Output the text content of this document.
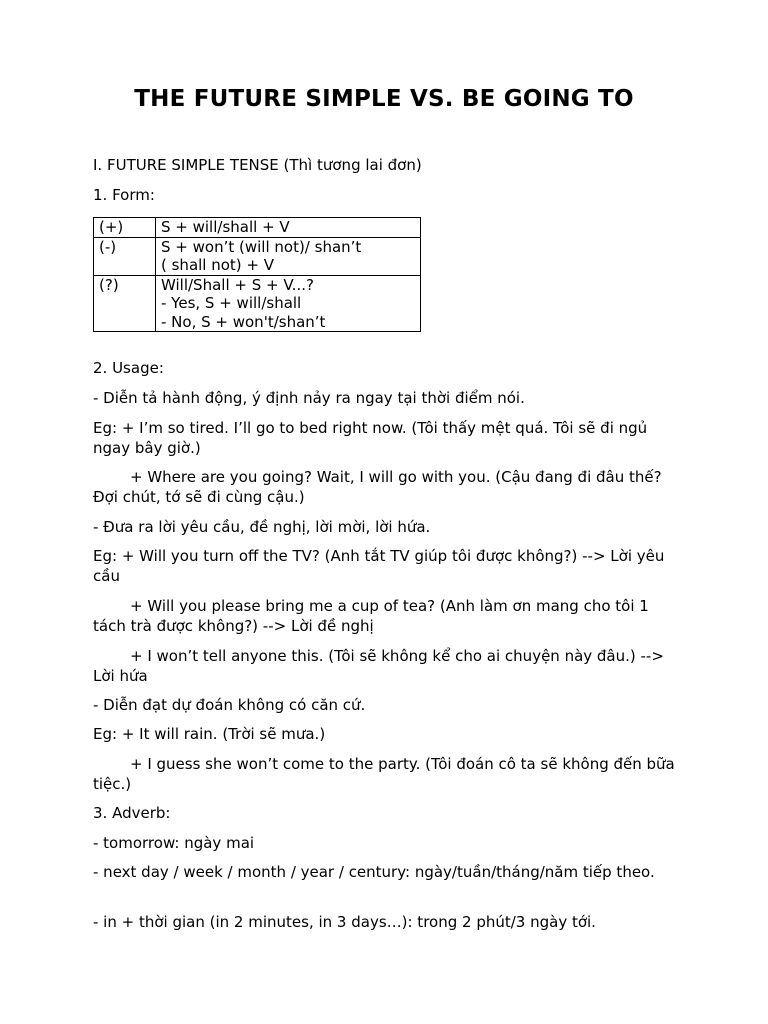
THE FUTURE SIMPLE VS. BE GOING TO

I. FUTURE SIMPLE TENSE (Thì tương lai đơn)

1. Form:

(+)	S + will/shall + V

(-)	S + won’t (will not)/ shan’t
( shall not) + V

(?)	Will/Shall + S + V...?
- Yes, S + will/shall
- No, S + won't/shan’t

2. Usage:

- Diễn tả hành động, ý định nảy ra ngay tại thời điểm nói.

Eg: + I’m so tired. I’ll go to bed right now. (Tôi thấy mệt quá. Tôi sẽ đi ngủ ngay bây giờ.)

+ Where are you going? Wait, I will go with you. (Cậu đang đi đâu thế? Đợi chút, tớ sẽ đi cùng cậu.)

- Đưa ra lời yêu cầu, đề nghị, lời mời, lời hứa.

Eg: + Will you turn off the TV? (Anh tắt TV giúp tôi được không?) --> Lời yêu cầu

+ Will you please bring me a cup of tea? (Anh làm ơn mang cho tôi 1 tách trà được không?) --> Lời đề nghị

+ I won’t tell anyone this. (Tôi sẽ không kể cho ai chuyện này đâu.) --> Lời hứa

- Diễn đạt dự đoán không có căn cứ.

Eg: + It will rain. (Trời sẽ mưa.)

+ I guess she won’t come to the party. (Tôi đoán cô ta sẽ không đến bữa tiệc.)

3. Adverb:

- tomorrow: ngày mai

- next day / week / month / year / century: ngày/tuần/tháng/năm tiếp theo.

- in + thời gian (in 2 minutes, in 3 days…): trong 2 phút/3 ngày tới.
